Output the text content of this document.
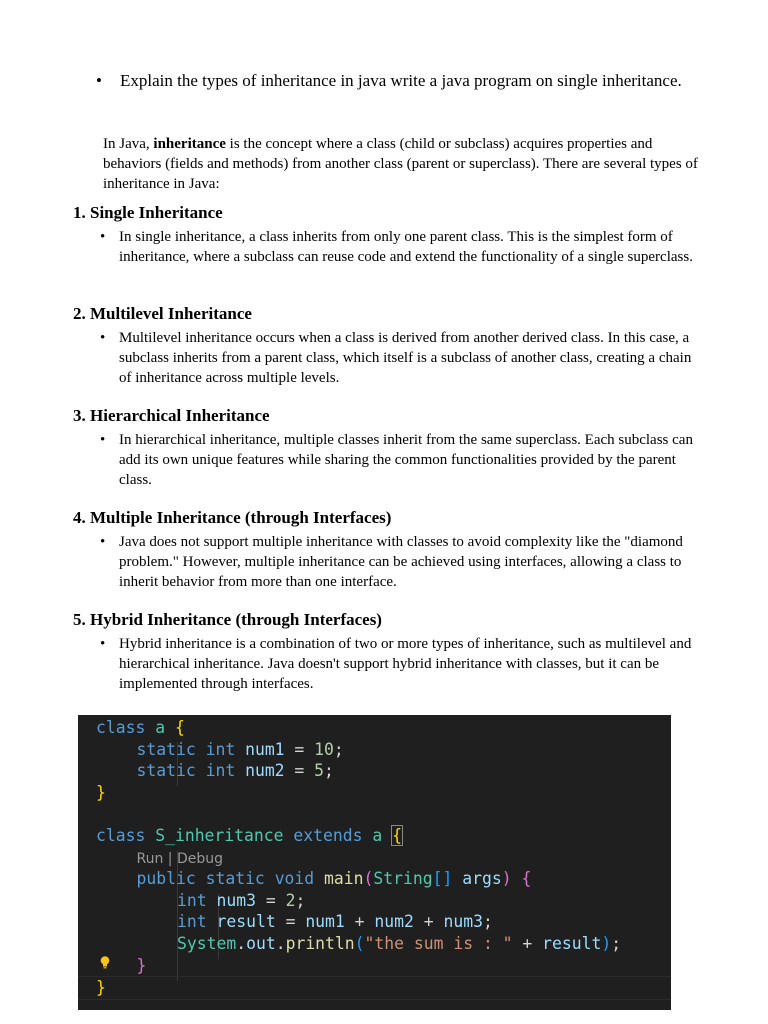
• Explain the types of inheritance in java write a java program on single inheritance.
In Java, inheritance is the concept where a class (child or subclass) acquires properties and behaviors (fields and methods) from another class (parent or superclass). There are several types of inheritance in Java:
1. Single Inheritance
• In single inheritance, a class inherits from only one parent class. This is the simplest form of inheritance, where a subclass can reuse code and extend the functionality of a single superclass.
2. Multilevel Inheritance
• Multilevel inheritance occurs when a class is derived from another derived class. In this case, a subclass inherits from a parent class, which itself is a subclass of another class, creating a chain of inheritance across multiple levels.
3. Hierarchical Inheritance
• In hierarchical inheritance, multiple classes inherit from the same superclass. Each subclass can add its own unique features while sharing the common functionalities provided by the parent class.
4. Multiple Inheritance (through Interfaces)
• Java does not support multiple inheritance with classes to avoid complexity like the "diamond problem." However, multiple inheritance can be achieved using interfaces, allowing a class to inherit behavior from more than one interface.
5. Hybrid Inheritance (through Interfaces)
• Hybrid inheritance is a combination of two or more types of inheritance, such as multilevel and hierarchical inheritance. Java doesn't support hybrid inheritance with classes, but it can be implemented through interfaces.
class a {
static int num1 = 10;
static int num2 = 5;
}
class S_inheritance extends a {
Run | Debug
public static void main(String[] args) {
int num3 = 2;
int result = num1 + num2 + num3;
System.out.println("the sum is : " + result);
}
}
